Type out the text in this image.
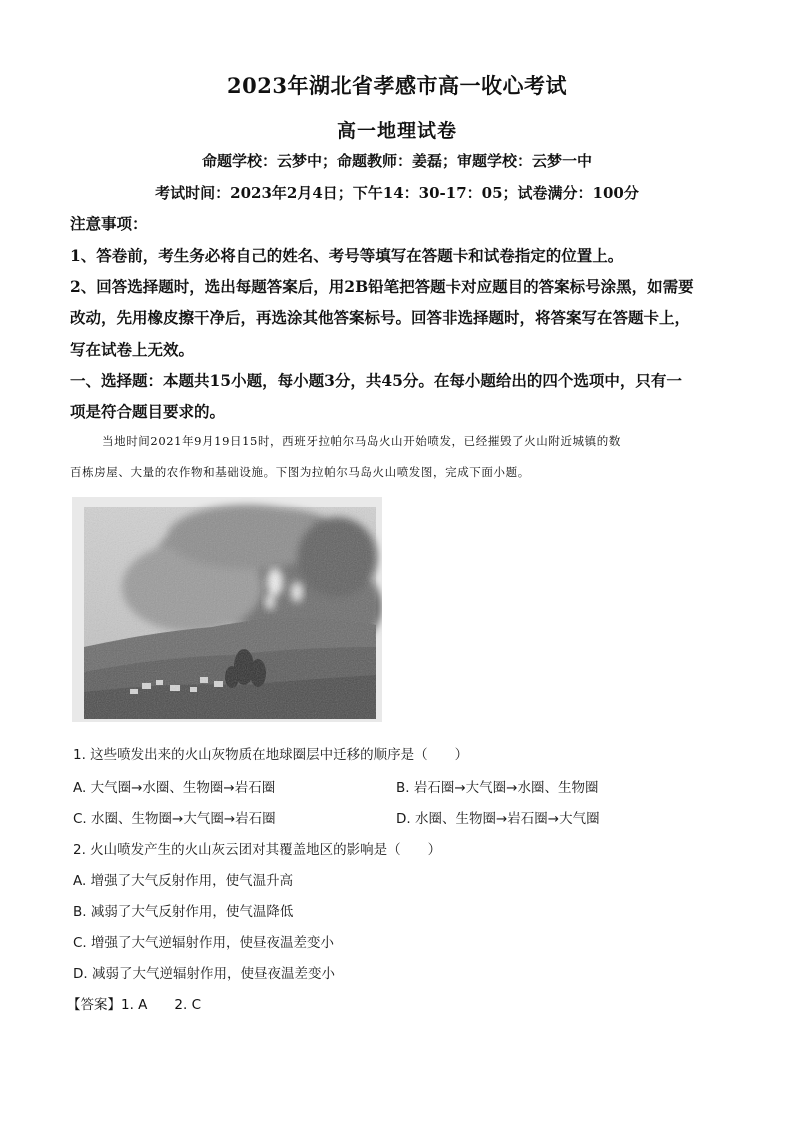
2023年湖北省孝感市高一收心考试
高一地理试卷
命题学校：云梦中；命题教师：姜磊；审题学校：云梦一中
考试时间：2023年2月4日；下午14：30-17：05；试卷满分：100分
注意事项：
1、答卷前，考生务必将自己的姓名、考号等填写在答题卡和试卷指定的位置上。
2、回答选择题时，选出每题答案后，用2B铅笔把答题卡对应题目的答案标号涂黑，如需要
改动，先用橡皮擦干净后，再选涂其他答案标号。回答非选择题时，将答案写在答题卡上，
写在试卷上无效。
一、选择题：本题共15小题，每小题3分，共45分。在每小题给出的四个选项中，只有一
项是符合题目要求的。
当地时间2021年9月19日15时，西班牙拉帕尔马岛火山开始喷发，已经摧毁了火山附近城镇的数
百栋房屋、大量的农作物和基础设施。下图为拉帕尔马岛火山喷发图，完成下面小题。
1. 这些喷发出来的火山灰物质在地球圈层中迁移的顺序是（　　）
A. 大气圈→水圈、生物圈→岩石圈	B. 岩石圈→大气圈→水圈、生物圈
C. 水圈、生物圈→大气圈→岩石圈	D. 水圈、生物圈→岩石圈→大气圈
2. 火山喷发产生的火山灰云团对其覆盖地区的影响是（　　）
A. 增强了大气反射作用，使气温升高
B. 减弱了大气反射作用，使气温降低
C. 增强了大气逆辐射作用，使昼夜温差变小
D. 减弱了大气逆辐射作用，使昼夜温差变小
【答案】1. A　　2. C
